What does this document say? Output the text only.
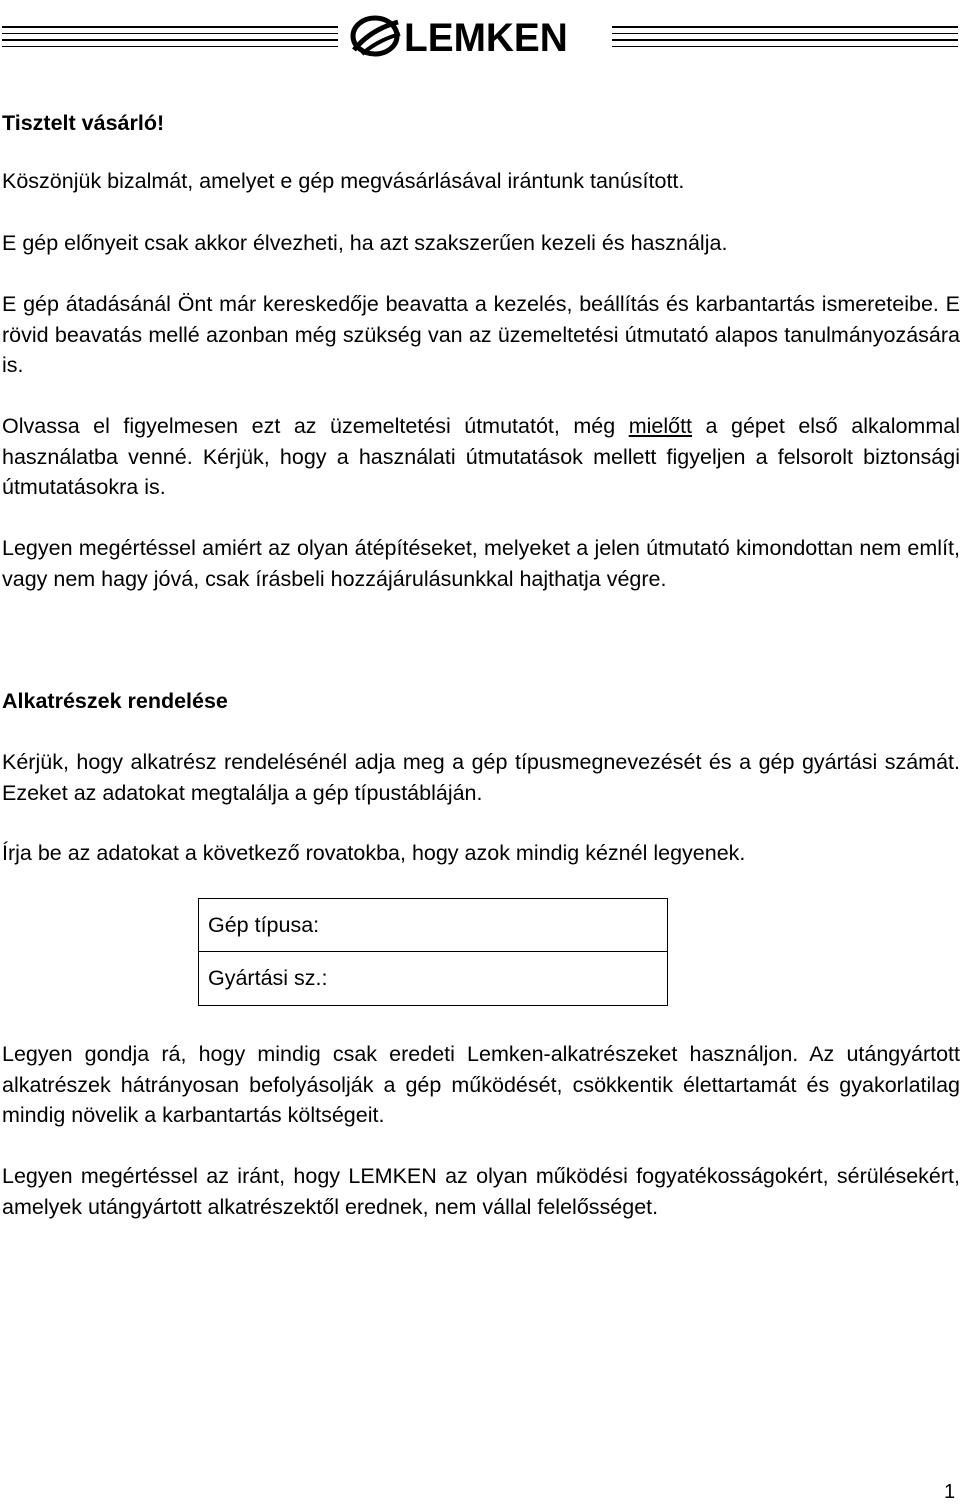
LEMKEN

Tisztelt vásárló!

Köszönjük bizalmát, amelyet e gép megvásárlásával irántunk tanúsított.

E gép előnyeit csak akkor élvezheti, ha azt szakszerűen kezeli és használja.

E gép átadásánál Önt már kereskedője beavatta a kezelés, beállítás és karbantartás ismereteibe. E rövid beavatás mellé azonban még szükség van az üzemeltetési útmutató alapos tanulmányozására is.

Olvassa el figyelmesen ezt az üzemeltetési útmutatót, még mielőtt a gépet első alkalommal használatba venné. Kérjük, hogy a használati útmutatások mellett figyeljen a felsorolt biztonsági útmutatásokra is.

Legyen megértéssel amiért az olyan átépítéseket, melyeket a jelen útmutató kimondottan nem említ, vagy nem hagy jóvá, csak írásbeli hozzájárulásunkkal hajthatja végre.

Alkatrészek rendelése

Kérjük, hogy alkatrész rendelésénél adja meg a gép típusmegnevezését és a gép gyártási számát. Ezeket az adatokat megtalálja a gép típustábláján.

Írja be az adatokat a következő rovatokba, hogy azok mindig kéznél legyenek.

Legyen gondja rá, hogy mindig csak eredeti Lemken-alkatrészeket használjon. Az utángyártott alkatrészek hátrányosan befolyásolják a gép működését, csökkentik élettartamát és gyakorlatilag mindig növelik a karbantartás költségeit.

Legyen megértéssel az iránt, hogy LEMKEN az olyan működési fogyatékosságokért, sérülésekért, amelyek utángyártott alkatrészektől erednek, nem vállal felelősséget.

Gép típusa:
Gyártási sz.:
1
